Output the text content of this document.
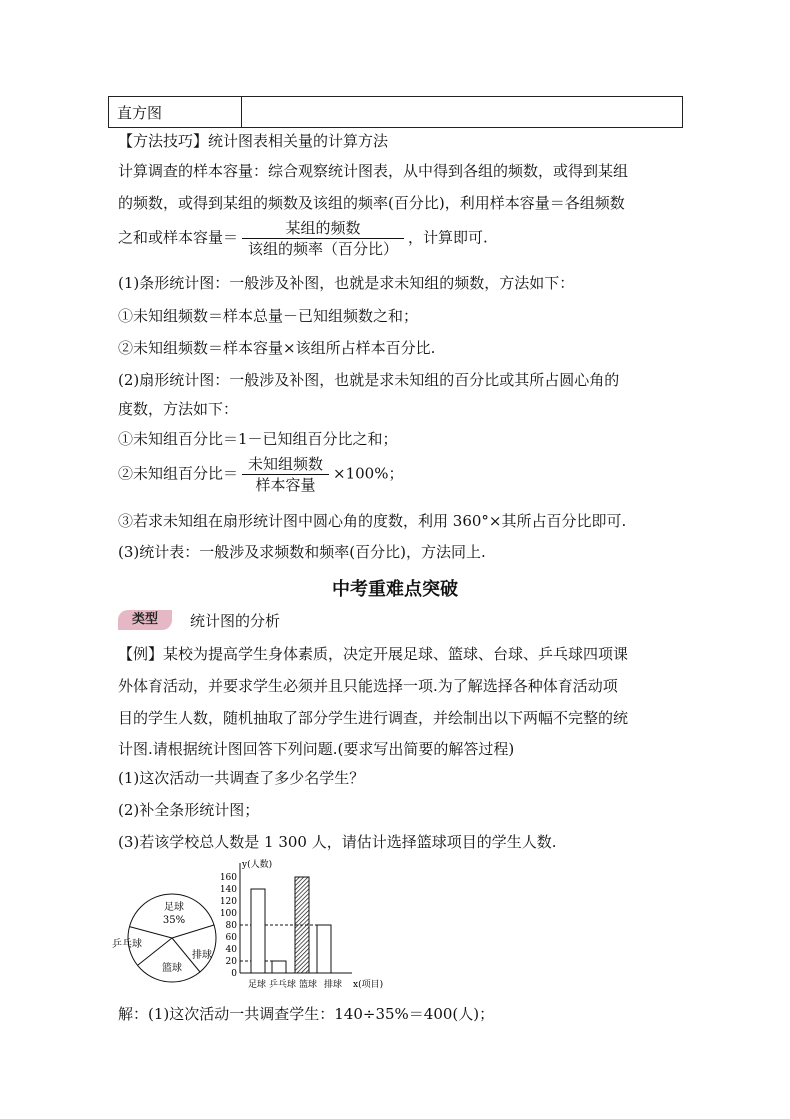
直方图	
【方法技巧】统计图表相关量的计算方法
计算调查的样本容量：综合观察统计图表，从中得到各组的频数，或得到某组
的频数，或得到某组的频数及该组的频率(百分比)，利用样本容量＝各组频数
之和或样本容量＝ $\frac{\text{某组的频数}}{\text{该组的频率（百分比）}}$ ，计算即可.
(1)条形统计图：一般涉及补图，也就是求未知组的频数，方法如下：
①未知组频数＝样本总量－已知组频数之和；
②未知组频数＝样本容量×该组所占样本百分比.
(2)扇形统计图：一般涉及补图，也就是求未知组的百分比或其所占圆心角的
度数，方法如下：
①未知组百分比＝1－已知组百分比之和；
②未知组百分比＝ $\frac{\text{未知组频数}}{\text{样本容量}} \times 100\%$；
③若求未知组在扇形统计图中圆心角的度数，利用 360°×其所占百分比即可.
(3)统计表：一般涉及求频数和频率(百分比)，方法同上.
中考重难点突破
类型	统计图的分析
【例】某校为提高学生身体素质，决定开展足球、篮球、台球、乒乓球四项课
外体育活动，并要求学生必须并且只能选择一项.为了解选择各种体育活动项
目的学生人数，随机抽取了部分学生进行调查，并绘制出以下两幅不完整的统
计图.请根据统计图回答下列问题.(要求写出简要的解答过程)
(1)这次活动一共调查了多少名学生？
(2)补全条形统计图；
(3)若该学校总人数是 1 300 人，请估计选择篮球项目的学生人数.
足球
35%
乒乓球
排球
篮球
y(人数)
x(项目)
0
20
40
60
80
100
120
140
160
足球 乒乓球 篮球 排球
解：(1)这次活动一共调查学生：140÷35%＝400(人)；
